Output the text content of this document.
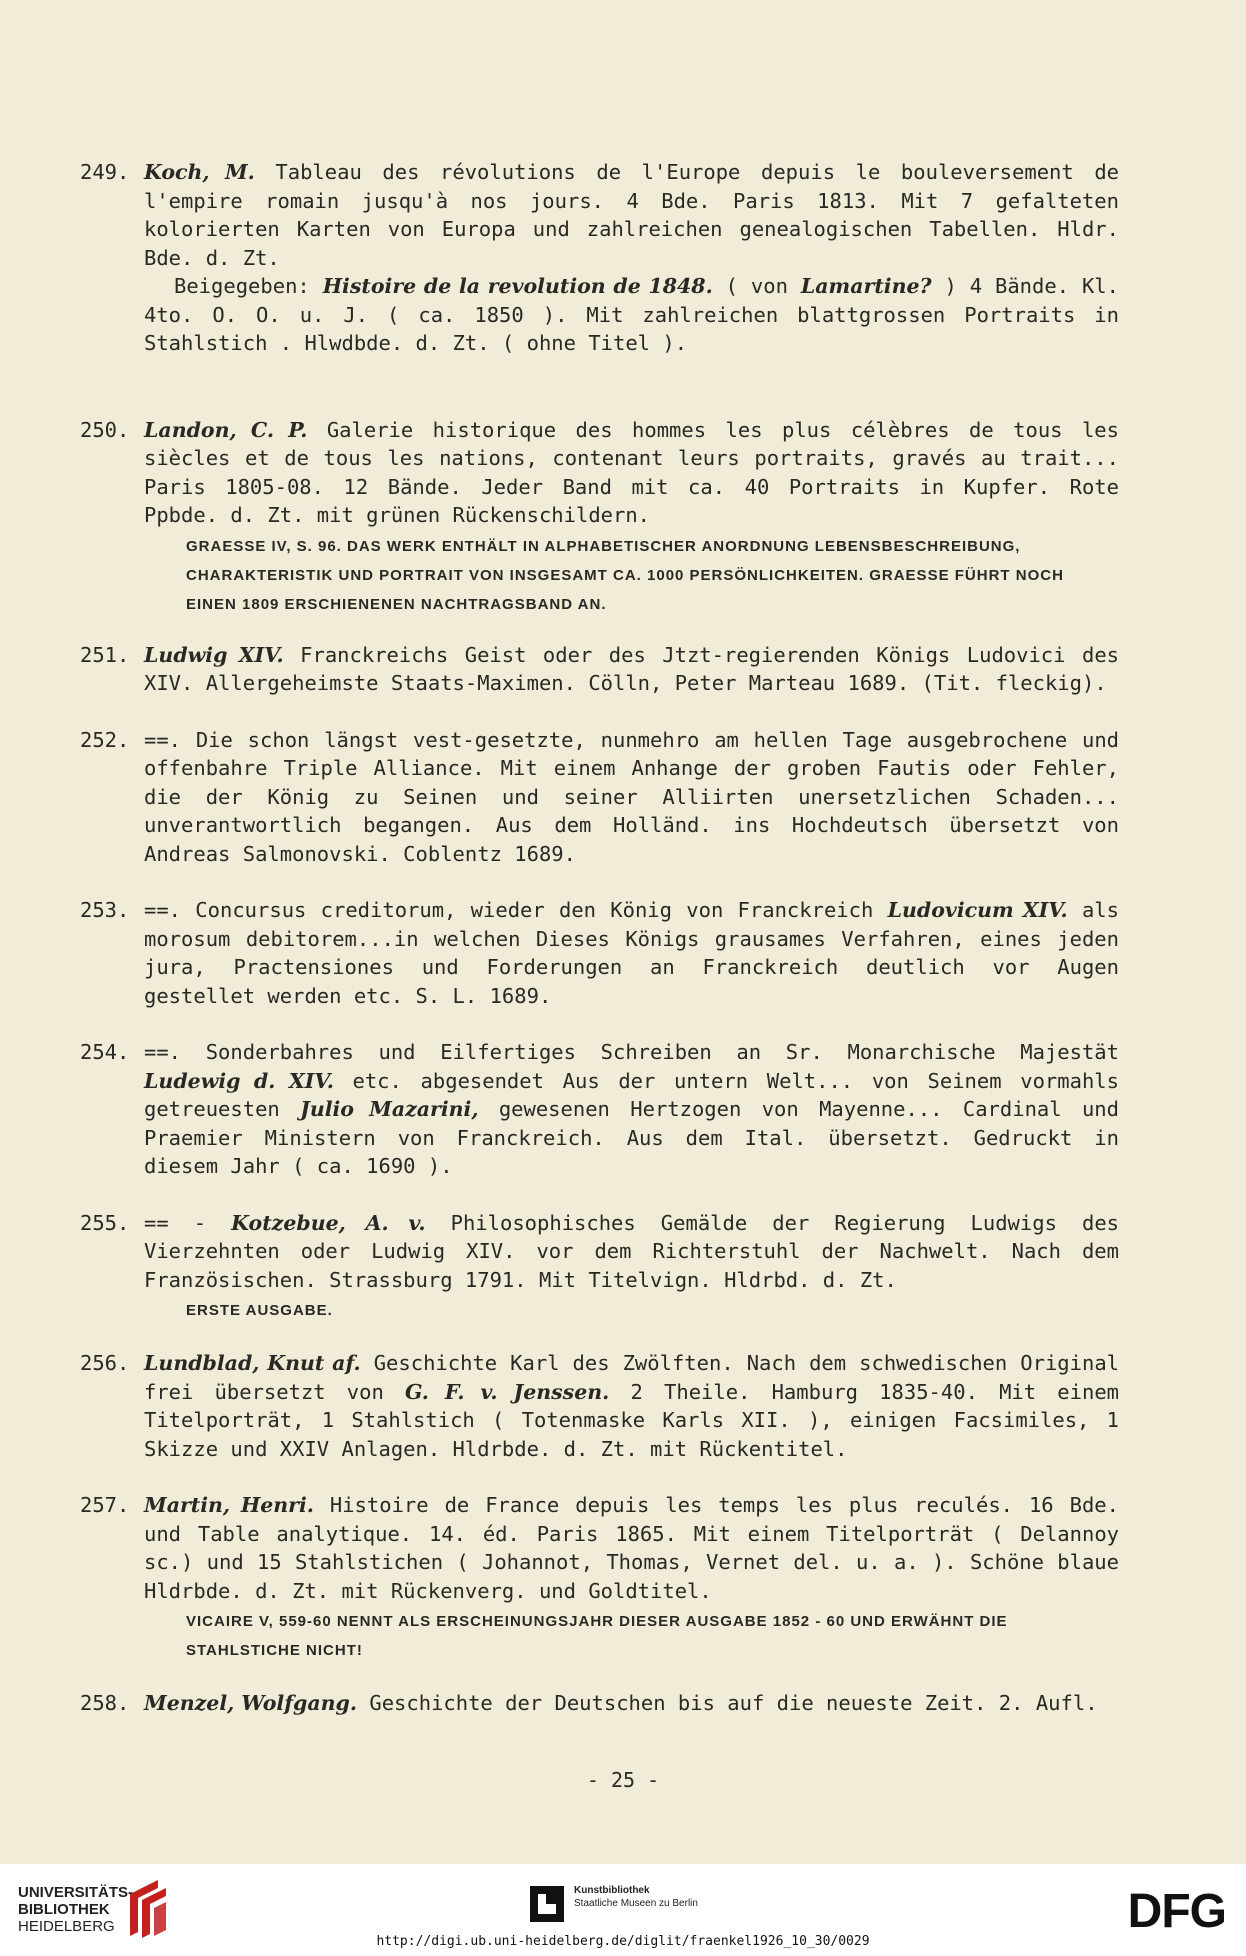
249. Koch, M. Tableau des révolutions de l'Europe depuis le bouleversement de l'empire romain jusqu'à nos jours. 4 Bde. Paris 1813. Mit 7 gefalteten kolorierten Karten von Europa und zahlreichen genealogischen Tabellen. Hldr. Bde. d. Zt.
Beigegeben: Histoire de la revolution de 1848. ( von Lamartine? ) 4 Bände. Kl. 4to. O. O. u. J. ( ca. 1850 ). Mit zahlreichen blattgrossen Portraits in Stahlstich . Hlwdbde. d. Zt. ( ohne Titel ).
250. Landon, C. P. Galerie historique des hommes les plus célèbres de tous les siècles et de tous les nations, contenant leurs portraits, gravés au trait... Paris 1805-08. 12 Bände. Jeder Band mit ca. 40 Portraits in Kupfer. Rote Ppbde. d. Zt. mit grünen Rückenschildern.
GRAESSE IV, S. 96. DAS WERK ENTHÄLT IN ALPHABETISCHER ANORDNUNG LEBENSBESCHREIBUNG, CHARAKTERISTIK UND PORTRAIT VON INSGESAMT CA. 1000 PERSÖNLICHKEITEN. GRAESSE FÜHRT NOCH EINEN 1809 ERSCHIENENEN NACHTRAGSBAND AN.
251. Ludwig XIV. Franckreichs Geist oder des Jtzt-regierenden Königs Ludovici des XIV. Allergeheimste Staats-Maximen. Cölln, Peter Marteau 1689. (Tit. fleckig).
252. ==. Die schon längst vest-gesetzte, nunmehro am hellen Tage ausgebrochene und offenbahre Triple Alliance. Mit einem Anhange der groben Fautis oder Fehler, die der König zu Seinen und seiner Alliirten unersetzlichen Schaden... unverantwortlich begangen. Aus dem Holländ. ins Hochdeutsch übersetzt von Andreas Salmonovski. Coblentz 1689.
253. ==. Concursus creditorum, wieder den König von Franckreich Ludovicum XIV. als morosum debitorem...in welchen Dieses Königs grausames Verfahren, eines jeden jura, Practensiones und Forderungen an Franckreich deutlich vor Augen gestellet werden etc. S. L. 1689.
254. ==. Sonderbahres und Eilfertiges Schreiben an Sr. Monarchische Majestät Ludewig d. XIV. etc. abgesendet Aus der untern Welt... von Seinem vormahls getreuesten Julio Mazarini, gewesenen Hertzogen von Mayenne... Cardinal und Praemier Ministern von Franckreich. Aus dem Ital. übersetzt. Gedruckt in diesem Jahr ( ca. 1690 ).
255. == - Kotzebue, A. v. Philosophisches Gemälde der Regierung Ludwigs des Vierzehnten oder Ludwig XIV. vor dem Richterstuhl der Nachwelt. Nach dem Französischen. Strassburg 1791. Mit Titelvign. Hldrbd. d. Zt.
ERSTE AUSGABE.
256. Lundblad, Knut af. Geschichte Karl des Zwölften. Nach dem schwedischen Original frei übersetzt von G. F. v. Jenssen. 2 Theile. Hamburg 1835-40. Mit einem Titelporträt, 1 Stahlstich ( Totenmaske Karls XII. ), einigen Facsimiles, 1 Skizze und XXIV Anlagen. Hldrbde. d. Zt. mit Rückentitel.
257. Martin, Henri. Histoire de France depuis les temps les plus reculés. 16 Bde. und Table analytique. 14. éd. Paris 1865. Mit einem Titelporträt ( Delannoy sc.) und 15 Stahlstichen ( Johannot, Thomas, Vernet del. u. a. ). Schöne blaue Hldrbde. d. Zt. mit Rückenverg. und Goldtitel.
VICAIRE V, 559-60 NENNT ALS ERSCHEINUNGSJAHR DIESER AUSGABE 1852 - 60 UND ERWÄHNT DIE STAHLSTICHE NICHT!
258. Menzel, Wolfgang. Geschichte der Deutschen bis auf die neueste Zeit. 2. Aufl.
- 25 -
UNIVERSITÄTS-
BIBLIOTHEK
HEIDELBERG
Kunstbibliothek
Staatliche Museen zu Berlin	DFG
http://digi.ub.uni-heidelberg.de/diglit/fraenkel1926_10_30/0029
